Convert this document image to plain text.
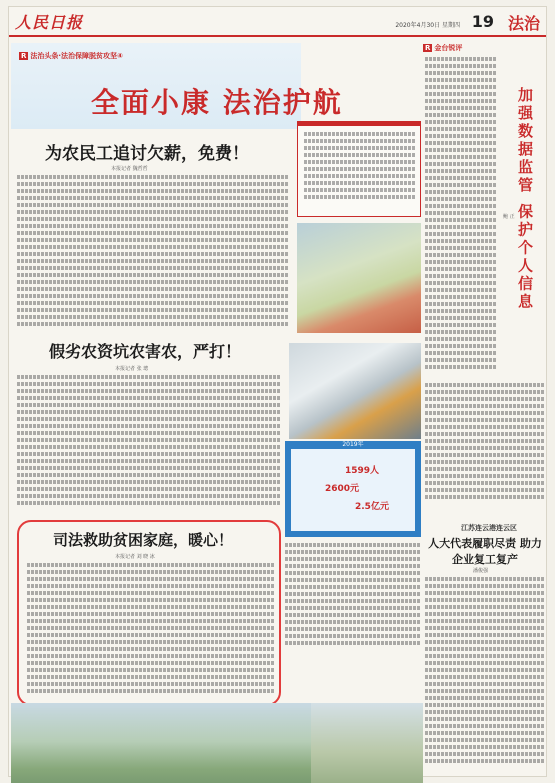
人民日报	2020年4月30日 星期四 19 法治
R 法治头条·法治保障脱贫攻坚④
全面小康 法治护航
为农民工追讨欠薪，免费！
本报记者 魏哲哲
假劣农资坑农害农，严打！
本报记者 张 璁
2019年
1599人
2600元
2.5亿元
司法救助贫困家庭，暖心！
本报记者 刘 晓 冰
R 金台锐评
加强数据监管 保护个人信息
鲍 正
江苏连云港连云区
人大代表履职尽责 助力企业复工复产
潘俊强
